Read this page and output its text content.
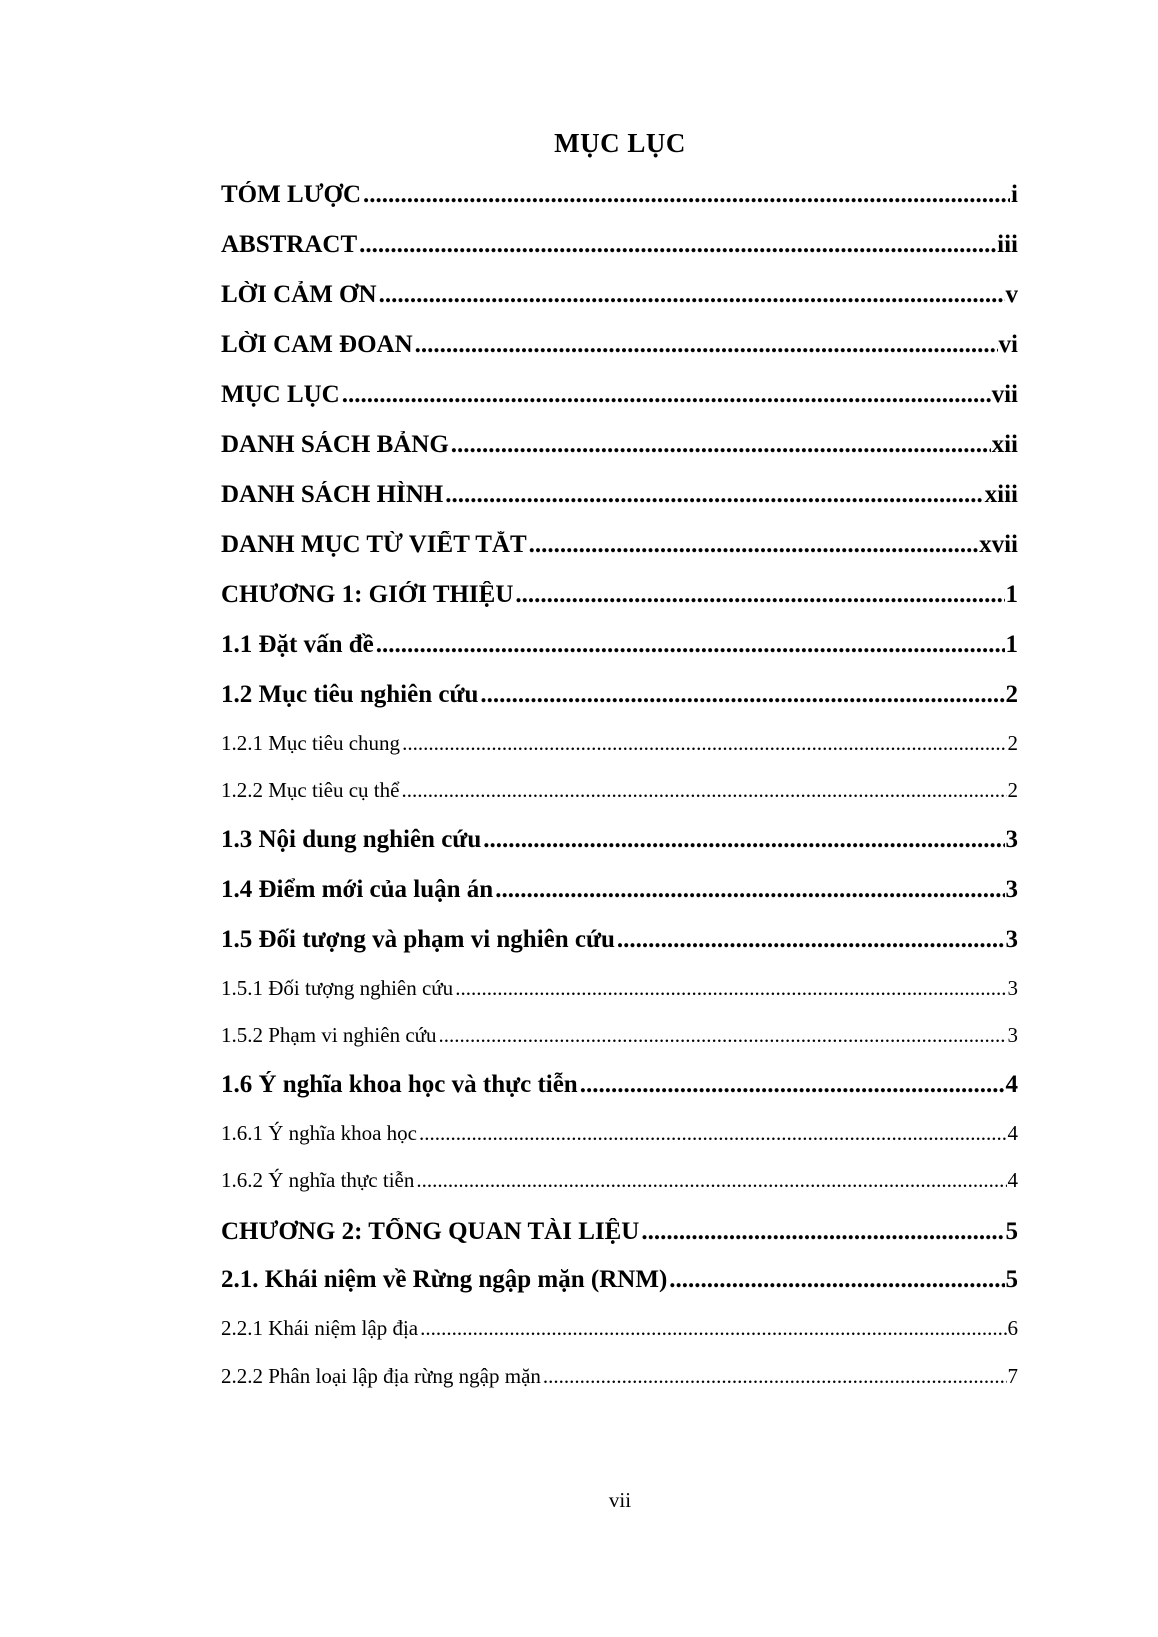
MỤC LỤC
TÓM LƯỢC .....	i
ABSTRACT .....	iii
LỜI CẢM ƠN .....	v
LỜI CAM ĐOAN .....	vi
MỤC LỤC .....	vii
DANH SÁCH BẢNG .....	xii
DANH SÁCH HÌNH .....	xiii
DANH MỤC TỪ VIẾT TẮT .....	xvii
CHƯƠNG 1: GIỚI THIỆU .....	1
1.1 Đặt vấn đề .....	1
1.2 Mục tiêu nghiên cứu .....	2
1.2.1 Mục tiêu chung .....	2
1.2.2 Mục tiêu cụ thể .....	2
1.3 Nội dung nghiên cứu .....	3
1.4 Điểm mới của luận án .....	3
1.5 Đối tượng và phạm vi nghiên cứu .....	3
1.5.1 Đối tượng nghiên cứu .....	3
1.5.2 Phạm vi nghiên cứu .....	3
1.6 Ý nghĩa khoa học và thực tiễn .....	4
1.6.1 Ý nghĩa khoa học .....	4
1.6.2 Ý nghĩa thực tiễn .....	4
CHƯƠNG 2: TỔNG QUAN TÀI LIỆU .....	5
2.1. Khái niệm về Rừng ngập mặn (RNM) .....	5
2.2.1 Khái niệm lập địa .....	6
2.2.2 Phân loại lập địa rừng ngập mặn .....	7
vii
